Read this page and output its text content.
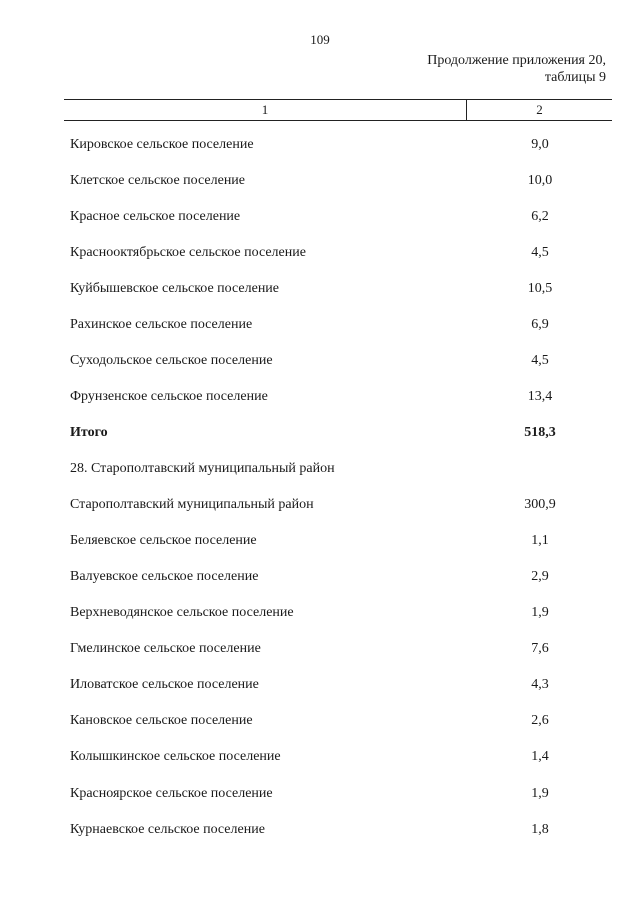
109
Продолжение приложения 20,
таблицы 9
1	2
Кировское сельское поселение	9,0
Клетское сельское поселение	10,0
Красное сельское поселение	6,2
Краснооктябрьское сельское поселение	4,5
Куйбышевское сельское поселение	10,5
Рахинское сельское поселение	6,9
Суходольское сельское поселение	4,5
Фрунзенское сельское поселение	13,4
Итого	518,3
28. Старополтавский муниципальный район
Старополтавский муниципальный район	300,9
Беляевское сельское поселение	1,1
Валуевское сельское поселение	2,9
Верхневодянское сельское поселение	1,9
Гмелинское сельское поселение	7,6
Иловатское сельское поселение	4,3
Кановское сельское поселение	2,6
Колышкинское сельское поселение	1,4
Красноярское сельское поселение	1,9
Курнаевское сельское поселение	1,8
